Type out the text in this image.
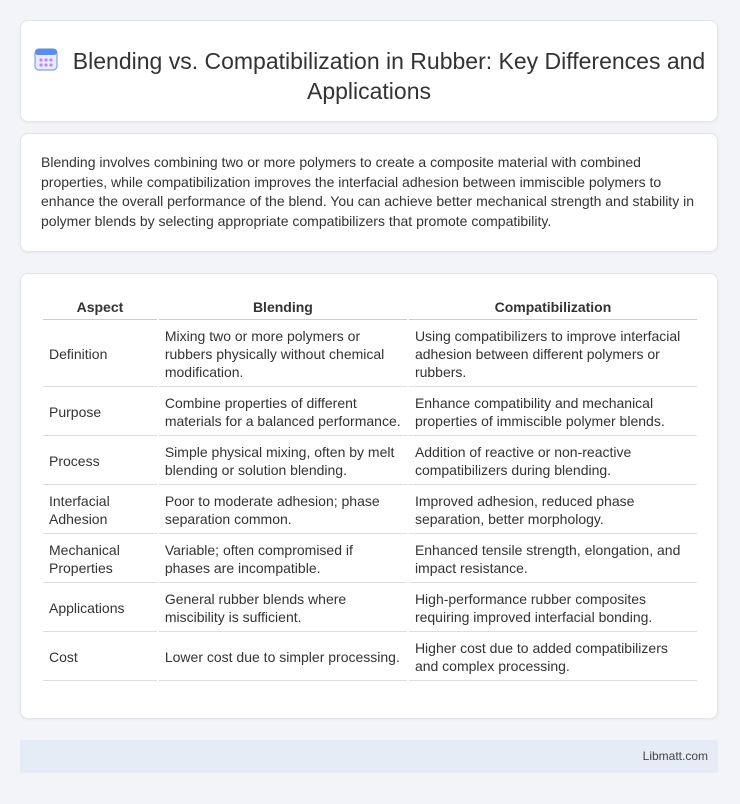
Blending vs. Compatibilization in Rubber: Key Differences and Applications
Blending involves combining two or more polymers to create a composite material with combined properties, while compatibilization improves the interfacial adhesion between immiscible polymers to enhance the overall performance of the blend. You can achieve better mechanical strength and stability in polymer blends by selecting appropriate compatibilizers that promote compatibility.
Aspect	Blending	Compatibilization
Definition	Mixing two or more polymers or rubbers physically without chemical modification.	Using compatibilizers to improve interfacial adhesion between different polymers or rubbers.
Purpose	Combine properties of different materials for a balanced performance.	Enhance compatibility and mechanical properties of immiscible polymer blends.
Process	Simple physical mixing, often by melt blending or solution blending.	Addition of reactive or non-reactive compatibilizers during blending.
Interfacial Adhesion	Poor to moderate adhesion; phase separation common.	Improved adhesion, reduced phase separation, better morphology.
Mechanical Properties	Variable; often compromised if phases are incompatible.	Enhanced tensile strength, elongation, and impact resistance.
Applications	General rubber blends where miscibility is sufficient.	High-performance rubber composites requiring improved interfacial bonding.
Cost	Lower cost due to simpler processing.	Higher cost due to added compatibilizers and complex processing.
Libmatt.com
